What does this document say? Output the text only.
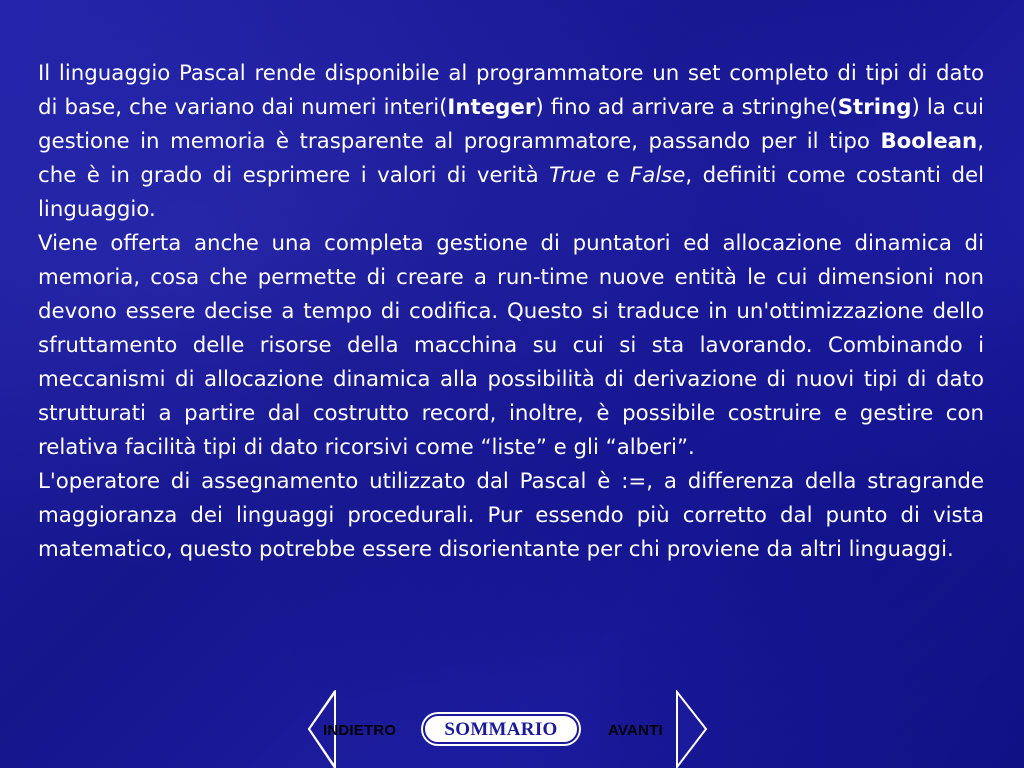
Il linguaggio Pascal rende disponibile al programmatore un set completo di tipi di dato di base, che variano dai numeri interi(Integer) fino ad arrivare a stringhe(String) la cui gestione in memoria è trasparente al programmatore, passando per il tipo Boolean, che è in grado di esprimere i valori di verità True e False, definiti come costanti del linguaggio.

Viene offerta anche una completa gestione di puntatori ed allocazione dinamica di memoria, cosa che permette di creare a run-time nuove entità le cui dimensioni non devono essere decise a tempo di codifica. Questo si traduce in un'ottimizzazione dello sfruttamento delle risorse della macchina su cui si sta lavorando. Combinando i meccanismi di allocazione dinamica alla possibilità di derivazione di nuovi tipi di dato strutturati a partire dal costrutto record, inoltre, è possibile costruire e gestire con relativa facilità tipi di dato ricorsivi come “liste” e gli “alberi”.

L'operatore di assegnamento utilizzato dal Pascal è :=, a differenza della stragrande maggioranza dei linguaggi procedurali. Pur essendo più corretto dal punto di vista matematico, questo potrebbe essere disorientante per chi proviene da altri linguaggi.

INDIETRO	SOMMARIO	AVANTI
